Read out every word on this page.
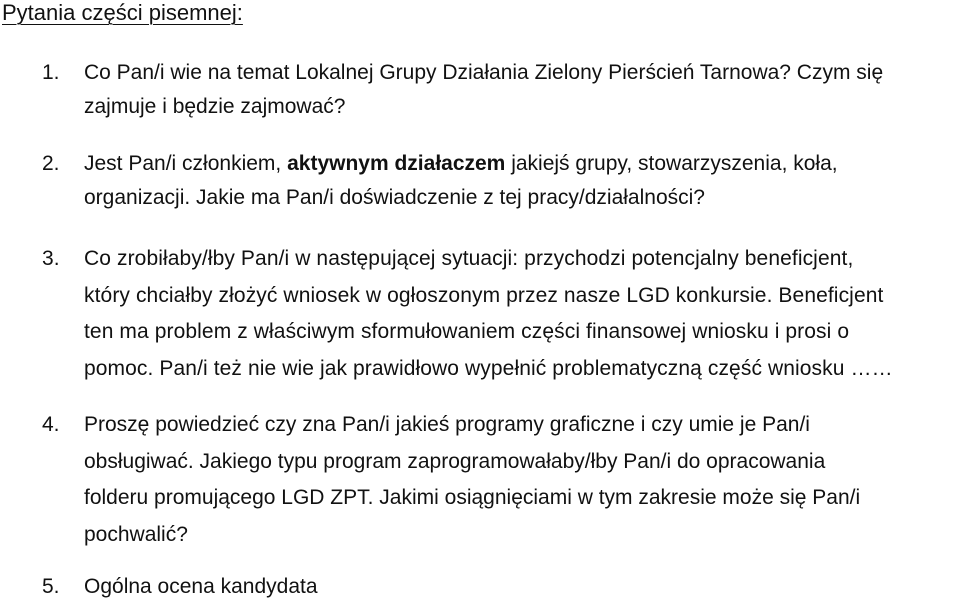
Pytania części pisemnej:
1.	Co Pan/i wie na temat Lokalnej Grupy Działania Zielony Pierścień Tarnowa? Czym się
zajmuje i będzie zajmować?
2.	Jest Pan/i członkiem, aktywnym działaczem jakiejś grupy, stowarzyszenia, koła,
organizacji. Jakie ma Pan/i doświadczenie z tej pracy/działalności?
3.	Co zrobiłaby/łby Pan/i w następującej sytuacji: przychodzi potencjalny beneficjent,
który chciałby złożyć wniosek w ogłoszonym przez nasze LGD konkursie. Beneficjent
ten ma problem z właściwym sformułowaniem części finansowej wniosku i prosi o
pomoc. Pan/i też nie wie jak prawidłowo wypełnić problematyczną część wniosku ……
4.	Proszę powiedzieć czy zna Pan/i jakieś programy graficzne i czy umie je Pan/i
obsługiwać. Jakiego typu program zaprogramowałaby/łby Pan/i do opracowania
folderu promującego LGD ZPT. Jakimi osiągnięciami w tym zakresie może się Pan/i
pochwalić?
5.	Ogólna ocena kandydata
